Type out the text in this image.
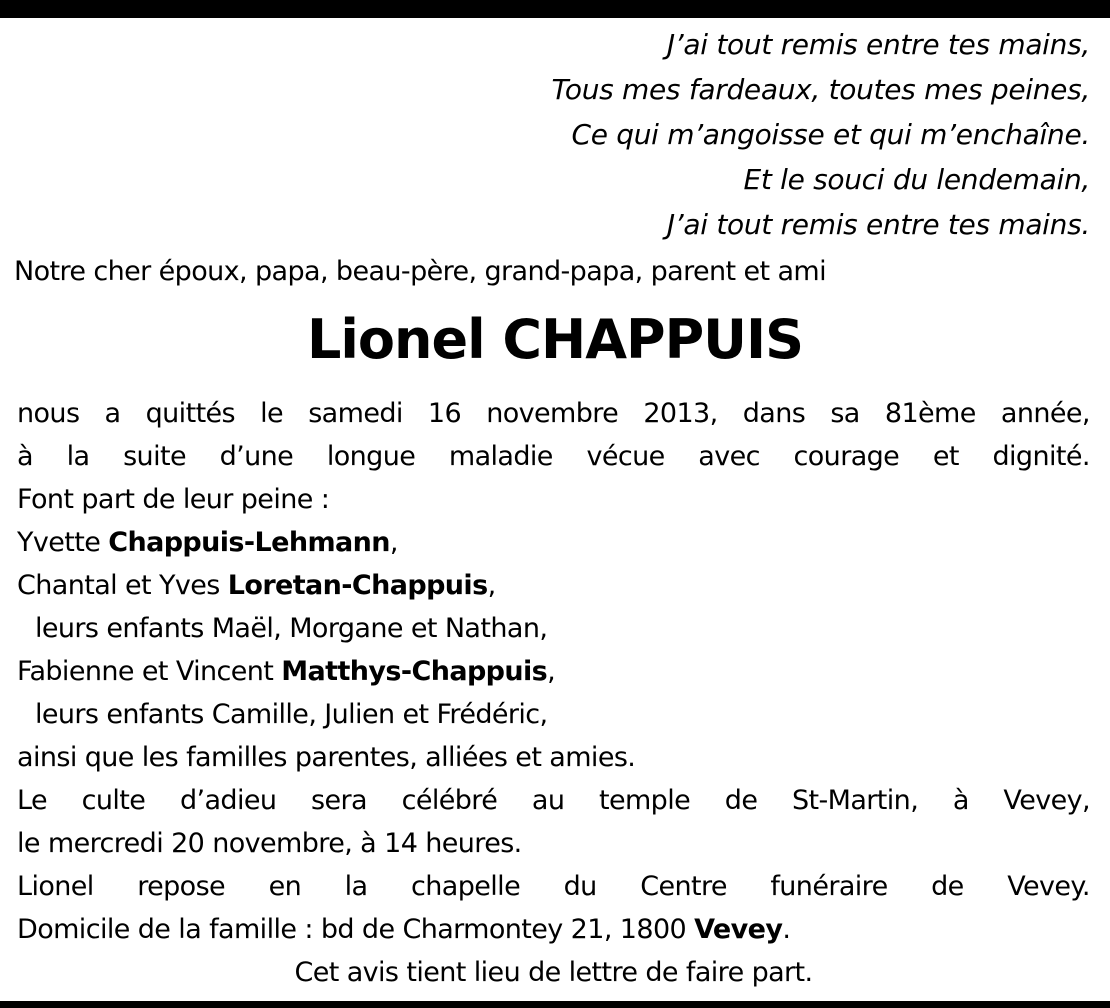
J’ai tout remis entre tes mains,
Tous mes fardeaux, toutes mes peines,
Ce qui m’angoisse et qui m’enchaîne.
Et le souci du lendemain,
J’ai tout remis entre tes mains.
Notre cher époux, papa, beau-père, grand-papa, parent et ami
Lionel CHAPPUIS
nous a quittés le samedi 16 novembre 2013, dans sa 81ème année,
à la suite d’une longue maladie vécue avec courage et dignité.
Font part de leur peine :
Yvette Chappuis-Lehmann,
Chantal et Yves Loretan-Chappuis,
leurs enfants Maël, Morgane et Nathan,
Fabienne et Vincent Matthys-Chappuis,
leurs enfants Camille, Julien et Frédéric,
ainsi que les familles parentes, alliées et amies.
Le culte d’adieu sera célébré au temple de St-Martin, à Vevey,
le mercredi 20 novembre, à 14 heures.
Lionel repose en la chapelle du Centre funéraire de Vevey.
Domicile de la famille : bd de Charmontey 21, 1800 Vevey.
Cet avis tient lieu de lettre de faire part.
